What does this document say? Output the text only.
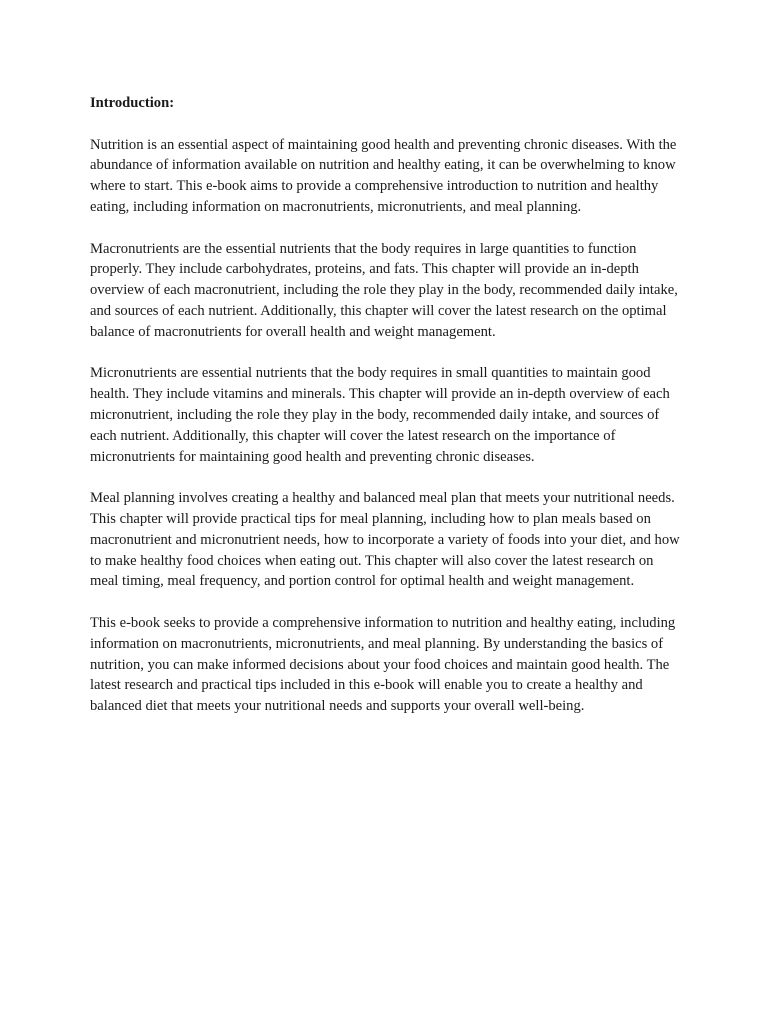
Introduction:

Nutrition is an essential aspect of maintaining good health and preventing chronic diseases. With the abundance of information available on nutrition and healthy eating, it can be overwhelming to know where to start. This e-book aims to provide a comprehensive introduction to nutrition and healthy eating, including information on macronutrients, micronutrients, and meal planning.

Macronutrients are the essential nutrients that the body requires in large quantities to function properly. They include carbohydrates, proteins, and fats. This chapter will provide an in-depth overview of each macronutrient, including the role they play in the body, recommended daily intake, and sources of each nutrient. Additionally, this chapter will cover the latest research on the optimal balance of macronutrients for overall health and weight management.

Micronutrients are essential nutrients that the body requires in small quantities to maintain good health. They include vitamins and minerals. This chapter will provide an in-depth overview of each micronutrient, including the role they play in the body, recommended daily intake, and sources of each nutrient. Additionally, this chapter will cover the latest research on the importance of micronutrients for maintaining good health and preventing chronic diseases.

Meal planning involves creating a healthy and balanced meal plan that meets your nutritional needs. This chapter will provide practical tips for meal planning, including how to plan meals based on macronutrient and micronutrient needs, how to incorporate a variety of foods into your diet, and how to make healthy food choices when eating out. This chapter will also cover the latest research on meal timing, meal frequency, and portion control for optimal health and weight management.

This e-book seeks to provide a comprehensive information to nutrition and healthy eating, including information on macronutrients, micronutrients, and meal planning. By understanding the basics of nutrition, you can make informed decisions about your food choices and maintain good health. The latest research and practical tips included in this e-book will enable you to create a healthy and balanced diet that meets your nutritional needs and supports your overall well-being.
